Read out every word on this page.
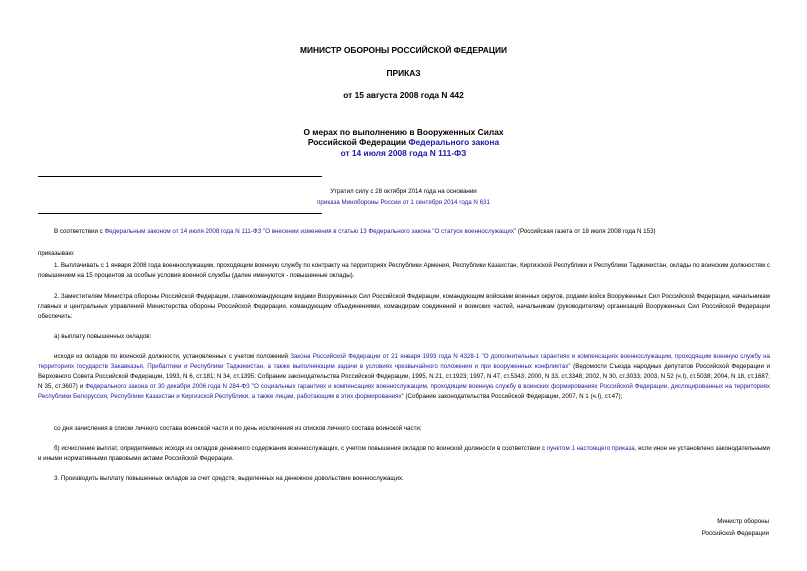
МИНИСТР ОБОРОНЫ РОССИЙСКОЙ ФЕДЕРАЦИИ
ПРИКАЗ
от 15 августа 2008 года N 442
О мерах по выполнению в Вооруженных Силах
Российской Федерации Федерального закона
от 14 июля 2008 года N 111-ФЗ
Утратил силу с 28 октября 2014 года на основании
приказа Минобороны России от 1 сентября 2014 года N 631

В соответствии с Федеральным законом от 14 июля 2008 года N 111-ФЗ "О внесении изменения в статью 13 Федерального закона "О статусе военнослужащих" (Российская газета от 18 июля 2008 года N 153)

приказываю:

1. Выплачивать с 1 января 2008 года военнослужащим, проходящим военную службу по контракту на территориях Республики Армения, Республики Казахстан, Киргизской Республики и Республики Таджикистан, оклады по воинским должностям с повышением на 15 процентов за особые условия военной службы (далее именуются - повышенные оклады).

2. Заместителям Министра обороны Российской Федерации, главнокомандующим видами Вооруженных Сил Российской Федерации, командующим войсками военных округов, родами войск Вооруженных Сил Российской Федерации, начальникам главных и центральных управлений Министерства обороны Российской Федерации, командующим объединениями, командирам соединений и воинских частей, начальникам (руководителям) организаций Вооруженных Сил Российской Федерации обеспечить:

а) выплату повышенных окладов:

исходя из окладов по воинской должности, установленных с учетом положений Закона Российской Федерации от 21 января 1993 года N 4328-1 "О дополнительных гарантиях и компенсациях военнослужащим, проходящим военную службу на территориях государств Закавказья, Прибалтики и Республики Таджикистан, а также выполняющим задачи в условиях чрезвычайного положения и при вооруженных конфликтах" (Ведомости Съезда народных депутатов Российской Федерации и Верховного Совета Российской Федерации, 1993, N 6, ст.181; N 34, ст.1395; Собрание законодательства Российской Федерации, 1995, N 21, ст.1923; 1997, N 47, ст.5343; 2000, N 33, ст.3348; 2002, N 30, ст.3033; 2003, N 52 (ч.I), ст.5038; 2004, N 18, ст.1687; N 35, ст.3607) и Федерального закона от 30 декабря 2006 года N 284-ФЗ "О социальных гарантиях и компенсациях военнослужащим, проходящим военную службу в воинских формированиях Российской Федерации, дислоцированных на территориях Республики Белоруссия, Республики Казахстан и Киргизской Республики, а также лицам, работающим в этих формированиях" (Собрание законодательства Российской Федерации, 2007, N 1 (ч.I), ст.47);

со дня зачисления в списки личного состава воинской части и по день исключения из списков личного состава воинской части;

б) исчисление выплат, определяемых исходя из окладов денежного содержания военнослужащих, с учетом повышения окладов по воинской должности в соответствии с пунктом 1 настоящего приказа, если иное не установлено законодательными и иными нормативными правовыми актами Российской Федерации.

3. Производить выплату повышенных окладов за счет средств, выделенных на денежное довольствие военнослужащих.

Министр обороны
Российской Федерации
